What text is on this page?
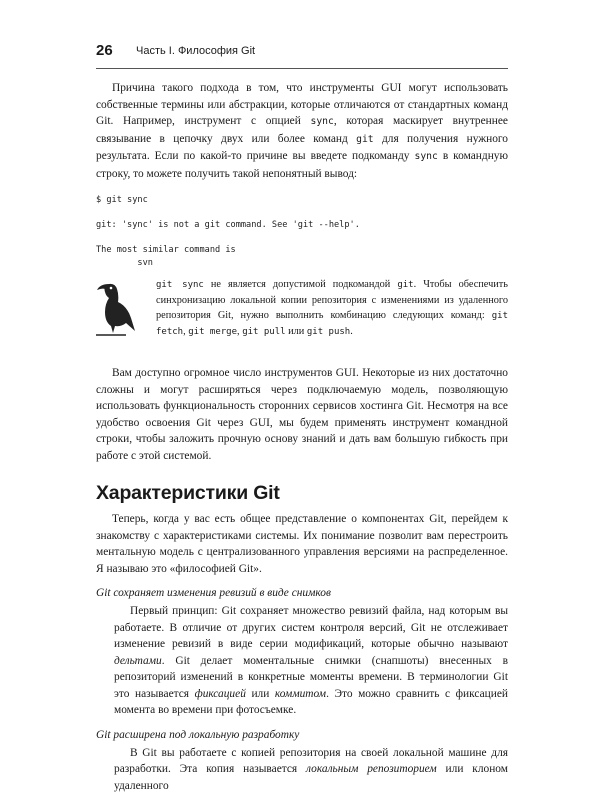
26 Часть I. Философия Git

Причина такого подхода в том, что инструменты GUI могут использовать собственные термины или абстракции, которые отличаются от стандартных команд Git. Например, инструмент с опцией sync, которая маскирует внутреннее связывание в цепочку двух или более команд git для получения нужного результата. Если по какой-то причине вы введете подкоманду sync в командную строку, то можете получить такой непонятный вывод:

$ git sync

git: 'sync' is not a git command. See 'git --help'.

The most similar command is
svn
git sync не является допустимой подкомандой git. Чтобы обеспечить синхронизацию локальной копии репозитория с изменениями из удаленного репозитория Git, нужно выполнить комбинацию следующих команд: git fetch, git merge, git pull или git push.

Вам доступно огромное число инструментов GUI. Некоторые из них достаточно сложны и могут расширяться через подключаемую модель, позволяющую использовать функциональность сторонних сервисов хостинга Git. Несмотря на все удобство освоения Git через GUI, мы будем применять инструмент командной строки, чтобы заложить прочную основу знаний и дать вам большую гибкость при работе с этой системой.

Характеристики Git

Теперь, когда у вас есть общее представление о компонентах Git, перейдем к знакомству с характеристиками системы. Их понимание позволит вам перестроить ментальную модель с централизованного управления версиями на распределенное. Я называю это «философией Git».

Git сохраняет изменения ревизий в виде снимков

Первый принцип: Git сохраняет множество ревизий файла, над которым вы работаете. В отличие от других систем контроля версий, Git не отслеживает изменение ревизий в виде серии модификаций, которые обычно называют дельтами. Git делает моментальные снимки (снапшоты) внесенных в репозиторий изменений в конкретные моменты времени. В терминологии Git это называется фиксацией или коммитом. Это можно сравнить с фиксацией момента во времени при фотосъемке.

Git расширена под локальную разработку

В Git вы работаете с копией репозитория на своей локальной машине для разработки. Эта копия называется локальным репозиторием или клоном удаленного
